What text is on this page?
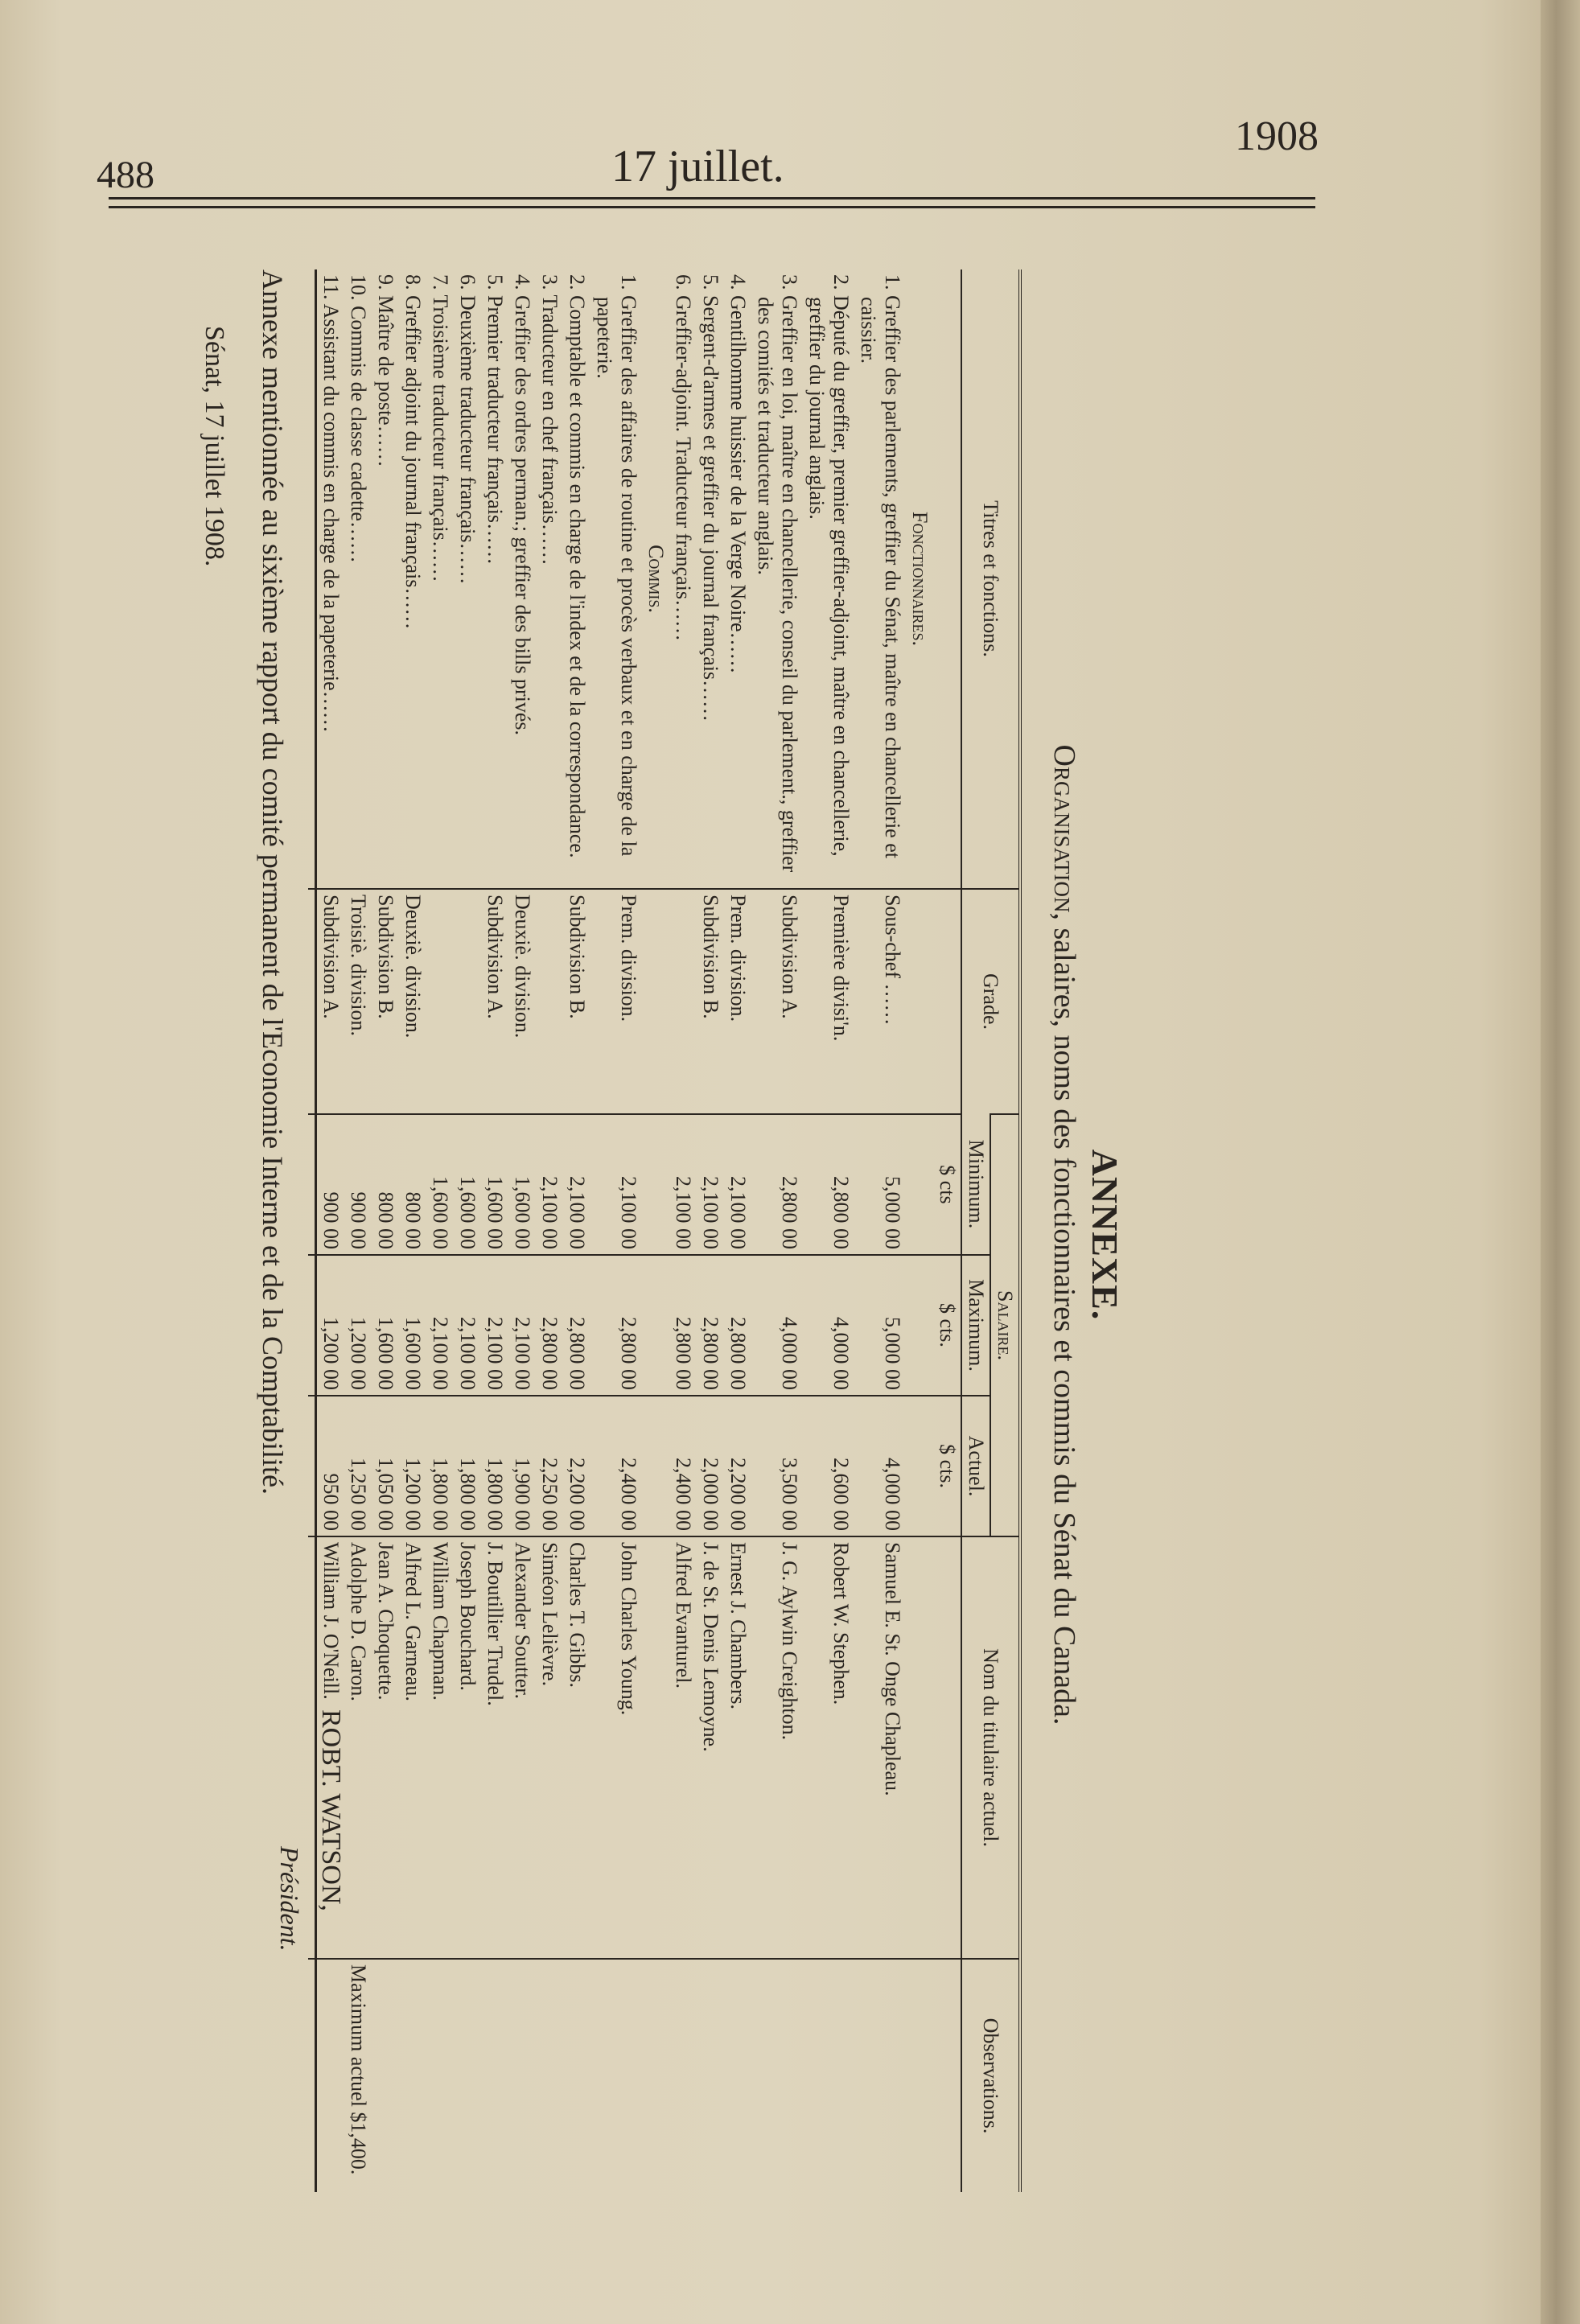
488	17 juillet.
1908
ANNEXE.
Organisation, salaires, noms des fonctionnaires et commis du Sénat du Canada.
Titres et fonctions.	Grade.	Salaire.			Nom du titulaire actuel.	Observations.
		Minimum.	Maximum.	Actuel.		
		$ cts	$ cts.	$ cts.		
Fonctionnaires.						
1. Greffier des parlements, greffier du Sénat, maître en chancellerie et caissier.	Sous-chef ……	5,000 00	5,000 00	4,000 00	Samuel E. St. Onge Chapleau.	
2. Député du greffier, premier greffier-adjoint, maître en chancellerie, greffier du journal anglais.	Première divisi'n.	2,800 00	4,000 00	2,600 00	Robert W. Stephen.	
3. Greffier en loi, maître en chancellerie, conseil du parlement., greffier des comités et traducteur anglais.	Subdivision A.	2,800 00	4,000 00	3,500 00	J. G. Aylwin Creighton.	
4. Gentilhomme huissier de la Verge Noire……	Prem. division.	2,100 00	2,800 00	2,200 00	Ernest J. Chambers.	
5. Sergent-d'armes et greffier du journal français……	Subdivision B.	2,100 00	2,800 00	2,000 00	J. de St. Denis Lemoyne.	
6. Greffier-adjoint. Traducteur français……		2,100 00	2,800 00	2,400 00	Alfred Evanturel.	
Commis.						
1. Greffier des affaires de routine et procès verbaux et en charge de la papeterie.	Prem. division.	2,100 00	2,800 00	2,400 00	John Charles Young.	
2. Comptable et commis en charge de l'index et de la correspondance.	Subdivision B.	2,100 00	2,800 00	2,200 00	Charles T. Gibbs.	
3. Traducteur en chef français……		2,100 00	2,800 00	2,250 00	Siméon Lelièvre.	
4. Greffier des ordres perman.; greffier des bills privés.	Deuxiè. division.	1,600 00	2,100 00	1,900 00	Alexander Soutter.	
5. Premier traducteur français……	Subdivision A.	1,600 00	2,100 00	1,800 00	J. Boutillier Trudel.	
6. Deuxième traducteur français……		1,600 00	2,100 00	1,800 00	Joseph Bouchard.	
7. Troisième traducteur français……		1,600 00	2,100 00	1,800 00	William Chapman.	
8. Greffier adjoint du journal français……	Deuxiè. division.	800 00	1,600 00	1,200 00	Alfred L. Garneau.	
9. Maître de poste……	Subdivision B.	800 00	1,600 00	1,050 00	Jean A. Choquette.	
10. Commis de classe cadette……	Troisiè. division.	900 00	1,200 00	1,250 00	Adolphe D. Caron.	Maximum actuel $1,400.
11. Assistant du commis en charge de la papeterie……	Subdivision A.	900 00	1,200 00	950 00	William J. O'Neill.	

ROBT. WATSON,
Président.
Annexe mentionnée au sixième rapport du comité permanent de l'Economie Interne et de la Comptabilité.
Sénat, 17 juillet 1908.
